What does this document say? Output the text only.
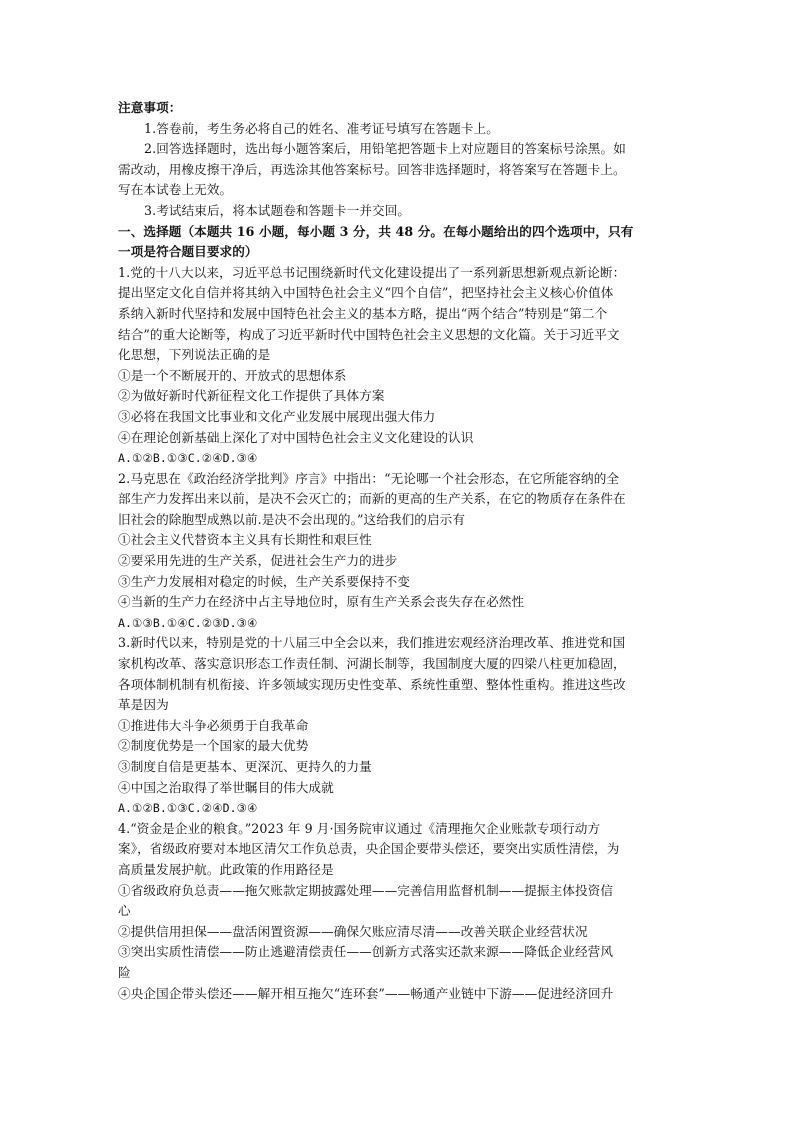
注意事项：
1.答卷前，考生务必将自己的姓名、准考证号填写在答题卡上。
2.回答选择题时，选出每小题答案后，用铅笔把答题卡上对应题目的答案标号涂黑。如
需改动，用橡皮擦干净后，再选涂其他答案标号。回答非选择题时，将答案写在答题卡上。
写在本试卷上无效。
3.考试结束后，将本试题卷和答题卡一并交回。
一、选择题（本题共 16 小题，每小题 3 分，共 48 分。在每小题给出的四个选项中，只有
一项是符合题目要求的）
1.党的十八大以来，习近平总书记围绕新时代文化建设提出了一系列新思想新观点新论断：
提出坚定文化自信并将其纳入中国特色社会主义“四个自信”，把坚持社会主义核心价值体
系纳入新时代坚持和发展中国特色社会主义的基本方略，提出“两个结合”特别是“第二个
结合”的重大论断等，构成了习近平新时代中国特色社会主义思想的文化篇。关于习近平文
化思想，下列说法正确的是
①是一个不断展开的、开放式的思想体系
②为做好新时代新征程文化工作提供了具体方案
③必将在我国文比事业和文化产业发展中展现出强大伟力
④在理论创新基础上深化了对中国特色社会主义文化建设的认识
A.①②B.①③C.②④D.③④
2.马克思在《政治经济学批判》序言》中指出：“无论哪一个社会形态，在它所能容纳的全
部生产力发挥出来以前，是决不会灭亡的；而新的更高的生产关系，在它的物质存在条件在
旧社会的除胞型成熟以前.是决不会出现的。”这给我们的启示有
①社会主义代替资本主义具有长期性和艰巨性
②要采用先进的生产关系，促进社会生产力的进步
③生产力发展相对稳定的时候，生产关系要保持不变
④当新的生产力在经济中占主导地位时，原有生产关系会丧失存在必然性
A.①③B.①④C.②③D.③④
3.新时代以来，特别是党的十八届三中全会以来，我们推进宏观经济治理改革、推进党和国
家机构改革、落实意识形态工作责任制、河湖长制等，我国制度大厦的四梁八柱更加稳固，
各项体制机制有机衔接、许多领域实现历史性变革、系统性重塑、整体性重构。推进这些改
革是因为
①推进伟大斗争必须勇于自我革命
②制度优势是一个国家的最大优势
③制度自信是更基本、更深沉、更持久的力量
④中国之治取得了举世瞩目的伟大成就
A.①②B.①③C.②④D.③④
4.“资金是企业的粮食。”2023 年 9 月·国务院审议通过《清理拖欠企业账款专项行动方
案》，省级政府要对本地区清欠工作负总责，央企国企要带头偿还，要突出实质性清偿，为
高质量发展护航。此政策的作用路径是
①省级政府负总责——拖欠账款定期披露处理——完善信用监督机制——提振主体投资信
心
②提供信用担保——盘活闲置资源——确保欠账应清尽清——改善关联企业经营状况
③突出实质性清偿——防止逃避清偿责任——创新方式落实还款来源——降低企业经营风
险
④央企国企带头偿还——解开相互拖欠“连环套”——畅通产业链中下游——促进经济回升
